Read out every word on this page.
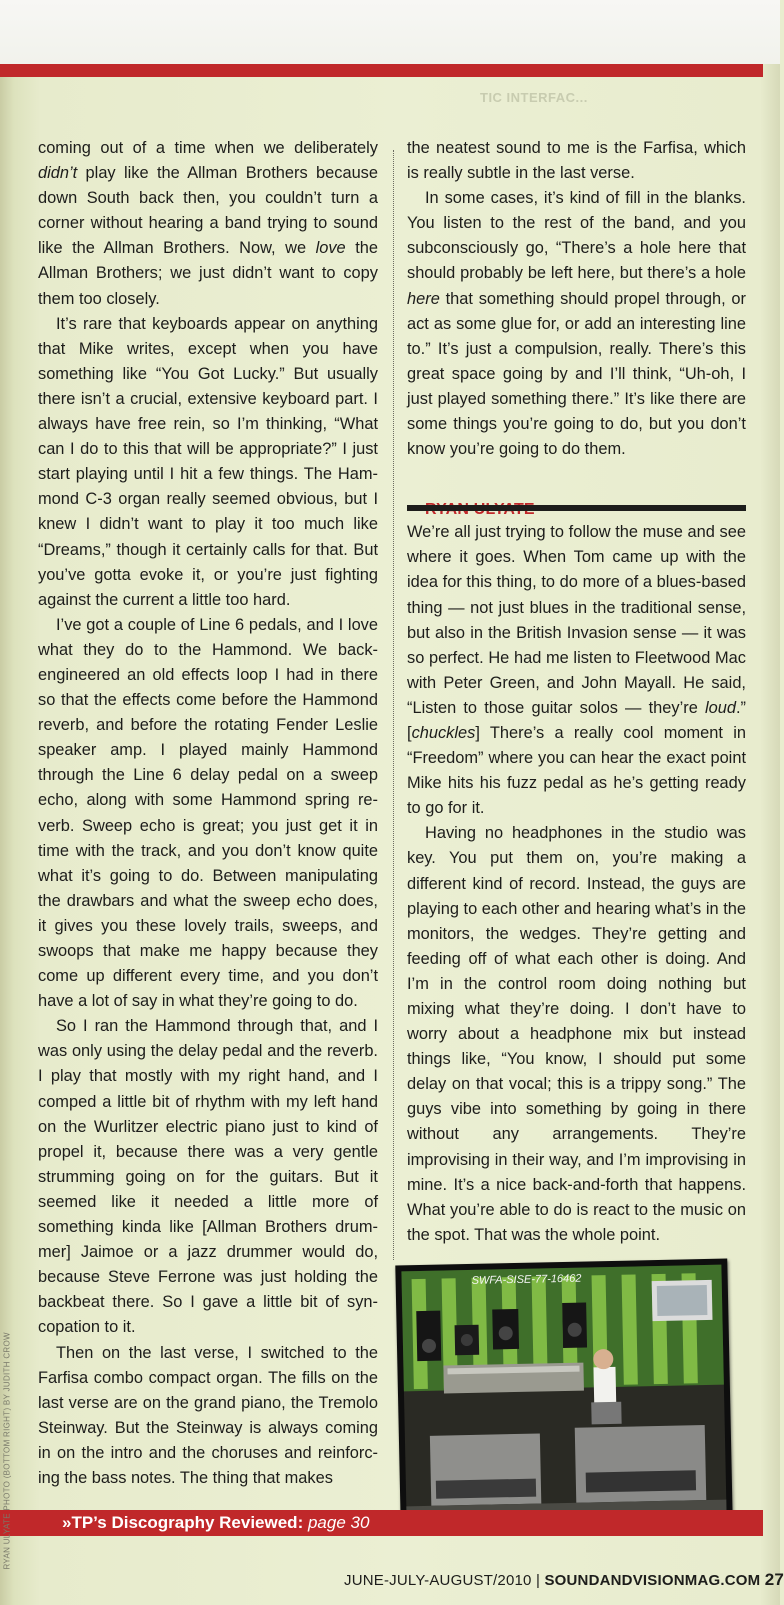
TIC INTERFAC...

coming out of a time when we deliberately didn’t play like the Allman Brothers because down South back then, you couldn’t turn a corner without hearing a band trying to sound like the Allman Brothers. Now, we love the Allman Brothers; we just didn’t want to copy them too closely.

It’s rare that keyboards appear on anything that Mike writes, except when you have something like “You Got Lucky.” But usually there isn’t a crucial, extensive keyboard part. I always have free rein, so I’m thinking, “What can I do to this that will be appropriate?” I just start playing until I hit a few things. The Hammond C-3 organ really seemed obvious, but I knew I didn’t want to play it too much like “Dreams,” though it certainly calls for that. But you’ve gotta evoke it, or you’re just fighting against the current a little too hard.

I’ve got a couple of Line 6 pedals, and I love what they do to the Hammond. We back-engineered an old effects loop I had in there so that the effects come before the Hammond reverb, and before the rotating Fender Leslie speaker amp. I played mainly Hammond through the Line 6 delay pedal on a sweep echo, along with some Hammond spring reverb. Sweep echo is great; you just get it in time with the track, and you don’t know quite what it’s going to do. Between manipulating the drawbars and what the sweep echo does, it gives you these lovely trails, sweeps, and swoops that make me happy because they come up different every time, and you don’t have a lot of say in what they’re going to do.

So I ran the Hammond through that, and I was only using the delay pedal and the reverb. I play that mostly with my right hand, and I comped a little bit of rhythm with my left hand on the Wurlitzer electric piano just to kind of propel it, because there was a very gentle strumming going on for the guitars. But it seemed like it needed a little more of something kinda like [Allman Brothers drummer] Jaimoe or a jazz drummer would do, because Steve Ferrone was just holding the backbeat there. So I gave a little bit of syncopation to it.

Then on the last verse, I switched to the Farfisa combo compact organ. The fills on the last verse are on the grand piano, the Tremolo Steinway. But the Steinway is always coming in on the intro and the choruses and reinforcing the bass notes. The thing that makes

the neatest sound to me is the Farfisa, which is really subtle in the last verse.

In some cases, it’s kind of fill in the blanks. You listen to the rest of the band, and you subconsciously go, “There’s a hole here that should probably be left here, but there’s a hole here that something should propel through, or act as some glue for, or add an interesting line to.” It’s just a compulsion, really. There’s this great space going by and I’ll think, “Uh-oh, I just played something there.” It’s like there are some things you’re going to do, but you don’t know you’re going to do them.

We’re all just trying to follow the muse and see where it goes. When Tom came up with the idea for this thing, to do more of a blues-based thing — not just blues in the traditional sense, but also in the British Invasion sense — it was so perfect. He had me listen to Fleetwood Mac with Peter Green, and John Mayall. He said, “Listen to those guitar solos — they’re loud.” [chuckles] There’s a really cool moment in “Freedom” where you can hear the exact point Mike hits his fuzz pedal as he’s getting ready to go for it.

Having no headphones in the studio was key. You put them on, you’re making a different kind of record. Instead, the guys are playing to each other and hearing what’s in the monitors, the wedges. They’re getting and feeding off of what each other is doing. And I’m in the control room doing nothing but mixing what they’re doing. I don’t have to worry about a headphone mix but instead things like, “You know, I should put some delay on that vocal; this is a trippy song.” The guys vibe into something by going in there without any arrangements. They’re improvising in their way, and I’m improvising in mine. It’s a nice back-and-forth that happens. What you’re able to do is react to the music on the spot. That was the whole point.

SWFA-SISE-77-16462
»TP’s Discography Reviewed: page 30
RYAN ULYATE PHOTO (BOTTOM RIGHT) BY JUDITH CROW
JUNE-JULY-AUGUST/2010 | SOUNDANDVISIONMAG.COM 27
